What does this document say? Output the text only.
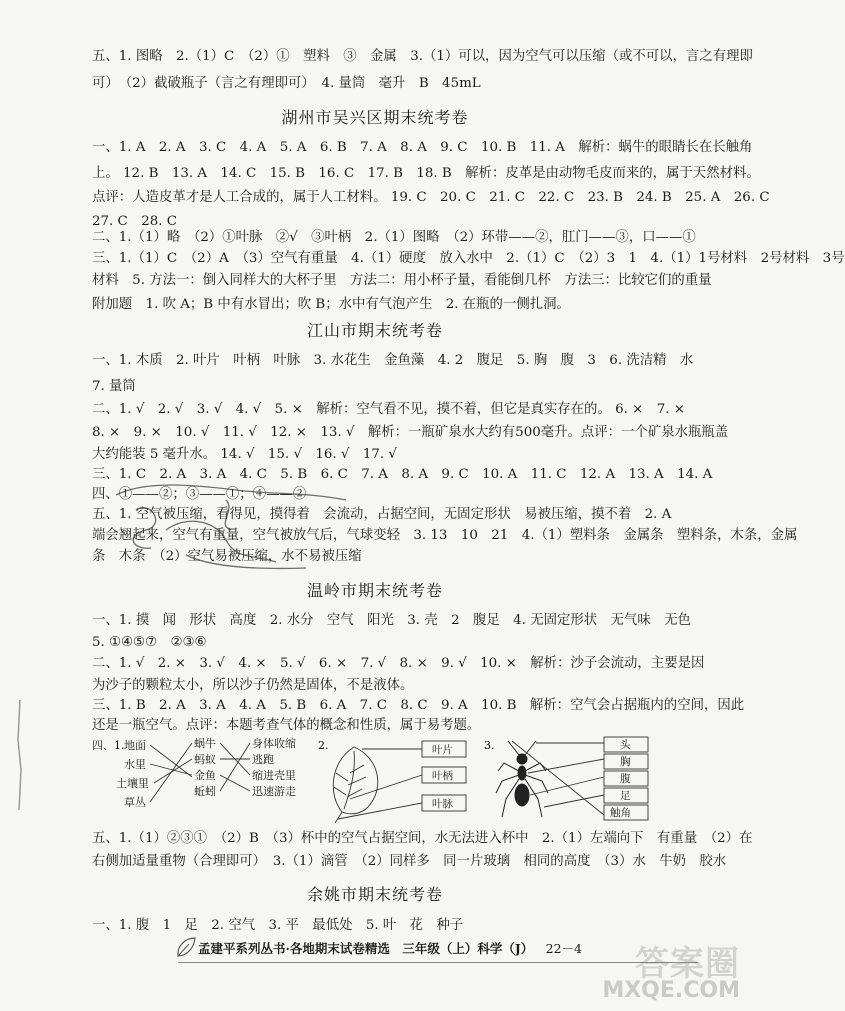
五、1. 图略　2.（1）C　（2）①　塑料　③　金属　3.（1）可以，因为空气可以压缩（或不可以，言之有理即
可）　（2）截破瓶子（言之有理即可）　4. 量筒　毫升　B　45mL
湖州市吴兴区期末统考卷
一、1. A　2. A　3. C　4. A　5. A　6. B　7. A　8. A　9. C　10. B　11. A　解析：蜗牛的眼睛长在长触角
上。 12. B　13. A　14. C　15. B　16. C　17. B　18. B　解析：皮革是由动物毛皮而来的，属于天然材料。
点评：人造皮革才是人工合成的，属于人工材料。 19. C　20. C　21. C　22. C　23. B　24. B　25. A　26. C
27. C　28. C
二、1.（1）略　（2）①叶脉　②√　③叶柄　2.（1）图略　（2）环带——②，肛门——③，口——①
三、1.（1）C　（2）A　（3）空气有重量　4.（1）硬度　放入水中　2.（1）C　（2）3　1　4.（1）1号材料　2号材料　3号
材料　5. 方法一：倒入同样大的大杯子里　方法二：用小杯子量，看能倒几杯　方法三：比较它们的重量
附加题　1. 吹 A；B 中有水冒出；吹 B；水中有气泡产生　2. 在瓶的一侧扎洞。
江山市期末统考卷
一、1. 木质　2. 叶片　叶柄　叶脉　3. 水花生　金鱼藻　4. 2　腹足　5. 胸　腹　3　6. 洗洁精　水
7. 量筒
二、1. √　2. √　3. √　4. √　5. ×　解析：空气看不见，摸不着，但它是真实存在的。 6. ×　7. ×
8. ×　9. ×　10. √　11. √　12. ×　13. √　解析：一瓶矿泉水大约有500毫升。点评：一个矿泉水瓶瓶盖
大约能装 5 毫升水。 14. √　15. √　16. √　17. √
三、1. C　2. A　3. A　4. C　5. B　6. C　7. A　8. A　9. C　10. A　11. C　12. A　13. A　14. A
四、①——②；③——①；④——②
五、1. 空气被压缩，看得见，摸得着　会流动，占据空间，无固定形状　易被压缩，摸不着　2. A
端会翘起来，空气有重量，空气被放气后，气球变轻　3. 13　10　21　4.（1）塑料条　金属条　塑料条，木条，金属
条　木条　（2）空气易被压缩，水不易被压缩
温岭市期末统考卷
一、1. 摸　闻　形状　高度　2. 水分　空气　阳光　3. 壳　2　腹足　4. 无固定形状　无气味　无色
5. ①④⑤⑦　②③⑥
二、1. √　2. ×　3. √　4. ×　5. √　6. ×　7. √　8. ×　9. √　10. ×　解析：沙子会流动，主要是因
为沙子的颗粒太小，所以沙子仍然是固体，不是液体。
三、1. B　2. A　3. A　4. A　5. B　6. A　7. C　8. C　9. A　10. B　解析：空气会占据瓶内的空间，因此
还是一瓶空气。点评：本题考查气体的概念和性质，属于易考题。
四、1. 地面
水里
土壤里
草丛
蜗牛
蚂蚁
金鱼
蚯蚓
身体收缩
逃跑
缩进壳里
迅速游走
2.	叶片
叶柄
叶脉
3.	头
胸
腹
足
触角
五、1.（1）②③①　（2）B　（3）杯中的空气占据空间，水无法进入杯中　2.（1）左端向下　有重量　（2）在
右侧加适量重物（合理即可）　3.（1）滴管　（2）同样多　同一片玻璃　相同的高度　（3）水　牛奶　胶水
余姚市期末统考卷
一、1. 腹　1　足　2. 空气　3. 平　最低处　5. 叶　花　种子
孟建平系列丛书·各地期末试卷精选　三年级（上）科学（J） 22－4	答案圈
MXQE.COM
